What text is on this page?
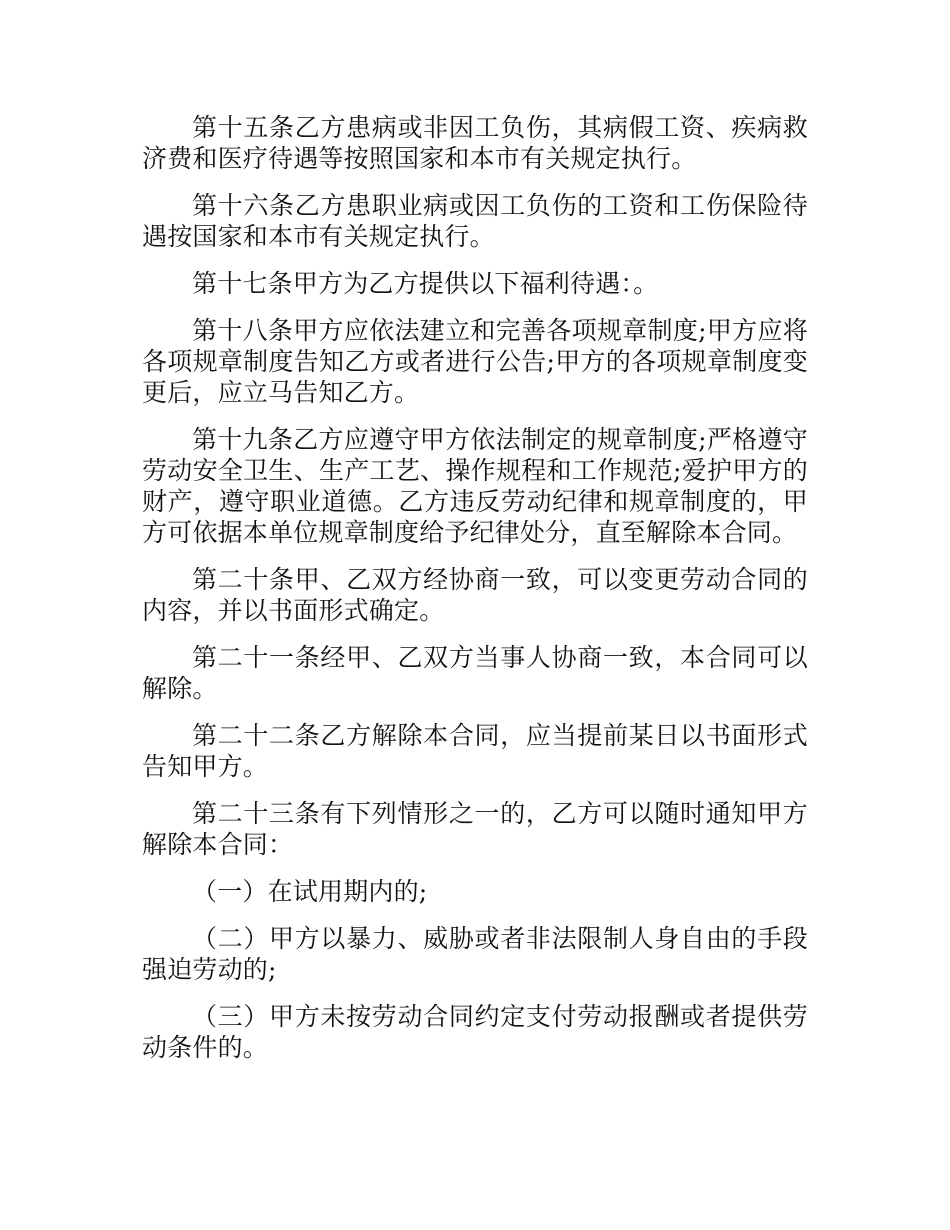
第十五条乙方患病或非因工负伤，其病假工资、疾病救济费和医疗待遇等按照国家和本市有关规定执行。

第十六条乙方患职业病或因工负伤的工资和工伤保险待遇按国家和本市有关规定执行。

第十七条甲方为乙方提供以下福利待遇：。

第十八条甲方应依法建立和完善各项规章制度;甲方应将各项规章制度告知乙方或者进行公告;甲方的各项规章制度变更后，应立马告知乙方。

第十九条乙方应遵守甲方依法制定的规章制度;严格遵守劳动安全卫生、生产工艺、操作规程和工作规范;爱护甲方的财产，遵守职业道德。乙方违反劳动纪律和规章制度的，甲方可依据本单位规章制度给予纪律处分，直至解除本合同。

第二十条甲、乙双方经协商一致，可以变更劳动合同的内容，并以书面形式确定。

第二十一条经甲、乙双方当事人协商一致，本合同可以解除。

第二十二条乙方解除本合同，应当提前某日以书面形式告知甲方。

第二十三条有下列情形之一的，乙方可以随时通知甲方解除本合同：

（一）在试用期内的;

（二）甲方以暴力、威胁或者非法限制人身自由的手段强迫劳动的;

（三）甲方未按劳动合同约定支付劳动报酬或者提供劳动条件的。
